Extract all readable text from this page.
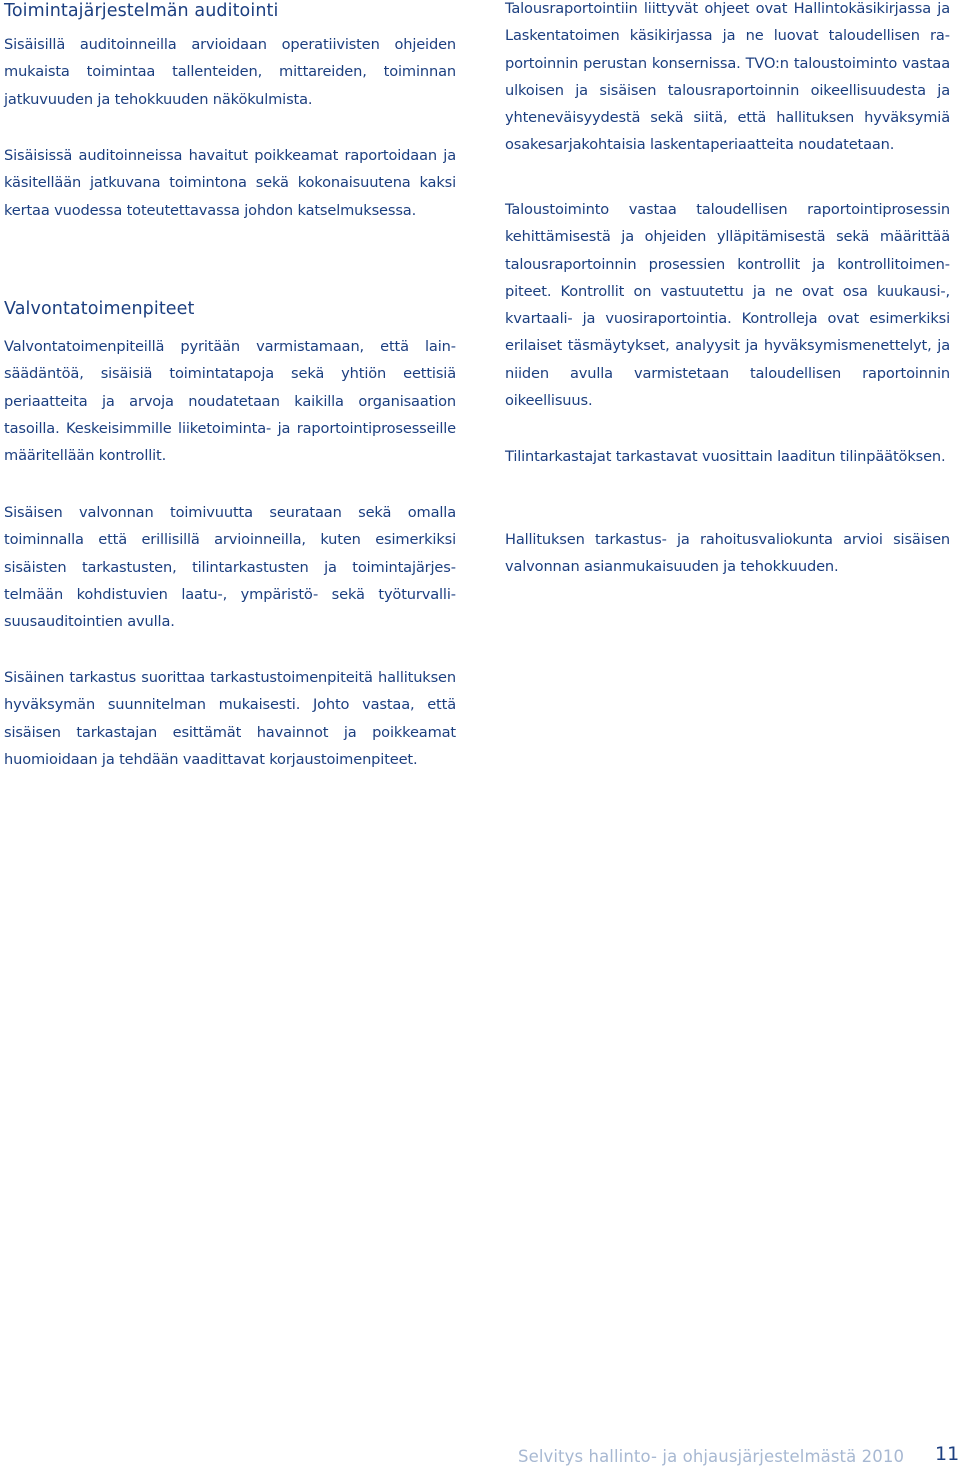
Toimintajärjestelmän auditointi

Sisäisillä auditoinneilla arvioidaan operatiivisten ohjeiden mukaista toimintaa tallenteiden, mittareiden, toiminnan jatkuvuuden ja tehokkuuden näkökulmista.

Sisäisissä auditoinneissa havaitut poikkeamat raportoidaan ja käsitellään jatkuvana toimintona sekä kokonaisuutena kaksi kertaa vuodessa toteutettavassa johdon katselmuksessa.

Valvontatoimenpiteet

Valvontatoimenpiteillä pyritään varmistamaan, että lainsäädäntöä, sisäisiä toimintatapoja sekä yhtiön eettisiä periaatteita ja arvoja noudatetaan kaikilla organisaation tasoilla. Keskeisimmille liiketoiminta- ja raportointiprosesseille määritellään kontrollit.

Sisäisen valvonnan toimivuutta seurataan sekä omalla toiminnalla että erillisillä arvioinneilla, kuten esimerkiksi sisäisten tarkastusten, tilintarkastusten ja toimintajärjestelmään kohdistuvien laatu-, ympäristö- sekä työturvallisuusauditointien avulla.

Sisäinen tarkastus suorittaa tarkastustoimenpiteitä hallituksen hyväksymän suunnitelman mukaisesti. Johto vastaa, että sisäisen tarkastajan esittämät havainnot ja poikkeamat huomioidaan ja tehdään vaadittavat korjaustoimenpiteet.

Talousraportointiin liittyvät ohjeet ovat Hallintokäsikirjassa ja Laskentatoimen käsikirjassa ja ne luovat taloudellisen raportoinnin perustan konsernissa. TVO:n taloustoiminto vastaa ulkoisen ja sisäisen talousraportoinnin oikeellisuudesta ja yhteneväisyydestä sekä siitä, että hallituksen hyväksymiä osakesarjakohtaisia laskentaperiaatteita noudatetaan.

Taloustoiminto vastaa taloudellisen raportointiprosessin kehittämisestä ja ohjeiden ylläpitämisestä sekä määrittää talousraportoinnin prosessien kontrollit ja kontrollitoimenpiteet. Kontrollit on vastuutettu ja ne ovat osa kuukausi-, kvartaali- ja vuosiraportointia. Kontrolleja ovat esimerkiksi erilaiset täsmäytykset, analyysit ja hyväksymismenettelyt, ja niiden avulla varmistetaan taloudellisen raportoinnin oikeellisuus.

Tilintarkastajat tarkastavat vuosittain laaditun tilinpäätöksen.

Hallituksen tarkastus- ja rahoitusvaliokunta arvioi sisäisen valvonnan asianmukaisuuden ja tehokkuuden.

Selvitys hallinto- ja ohjausjärjestelmästä 2010 11
